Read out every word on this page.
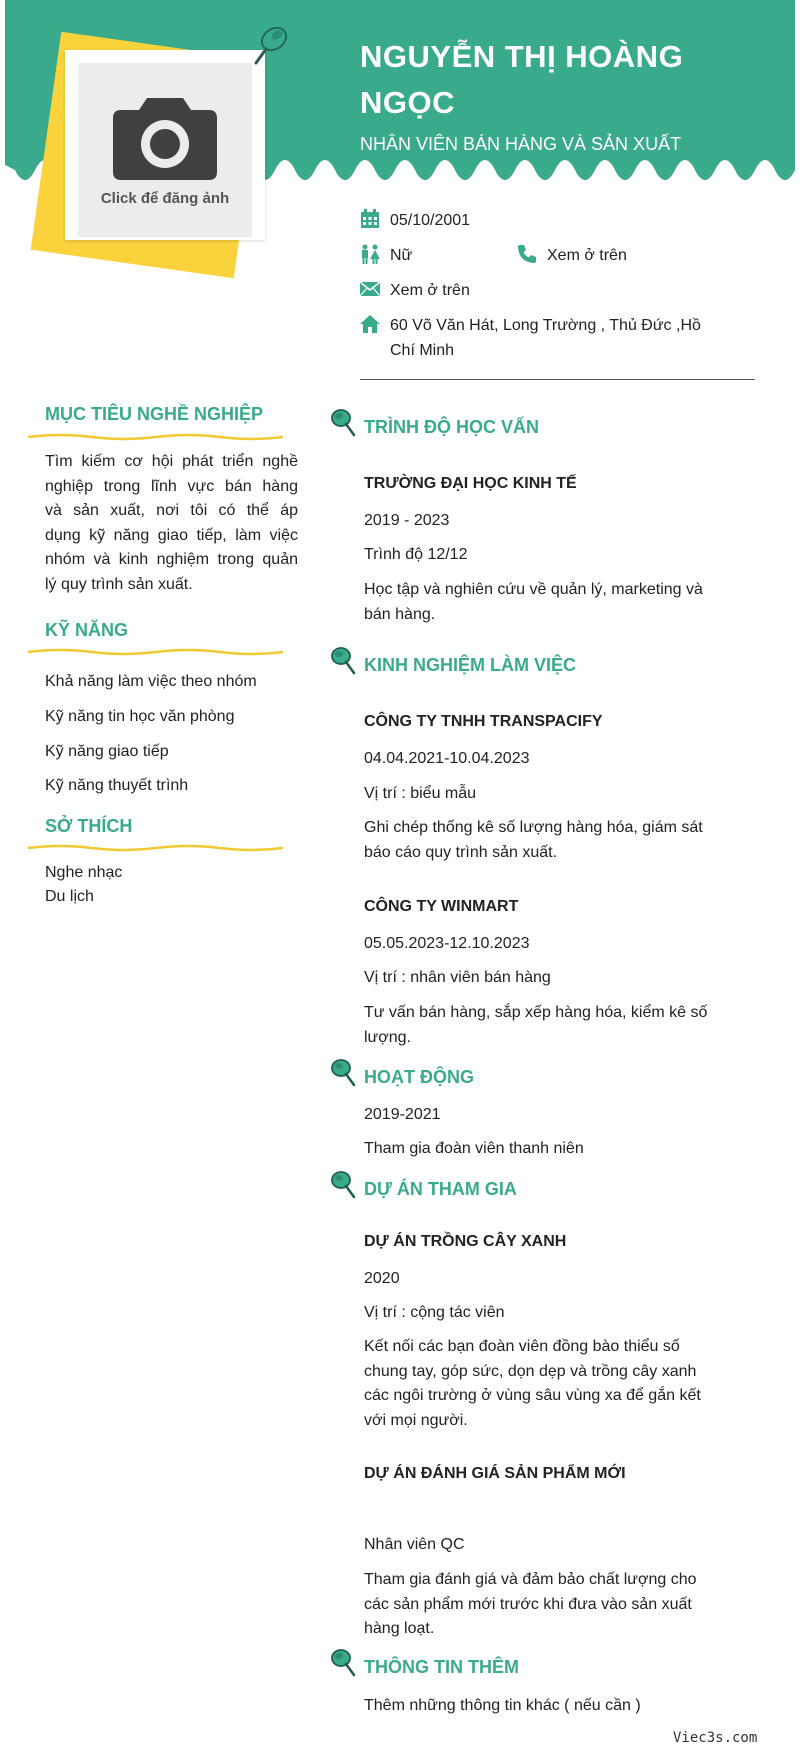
Click để đăng ảnh
NGUYỄN THỊ HOÀNG
NGỌC
NHÂN VIÊN BÁN HÀNG VÀ SẢN XUẤT
05/10/2001
Nữ	Xem ở trên
Xem ở trên
60 Võ Văn Hát, Long Trường , Thủ Đức ,Hồ
Chí Minh
MỤC TIÊU NGHỀ NGHIỆP
Tìm kiếm cơ hội phát triển nghề
nghiệp trong lĩnh vực bán hàng
và sản xuất, nơi tôi có thể áp
dụng kỹ năng giao tiếp, làm việc
nhóm và kinh nghiệm trong quản
lý quy trình sản xuất.
KỸ NĂNG
Khả năng làm việc theo nhóm
Kỹ năng tin học văn phòng
Kỹ năng giao tiếp
Kỹ năng thuyết trình
SỞ THÍCH
Nghe nhạc
Du lịch
TRÌNH ĐỘ HỌC VẤN
TRƯỜNG ĐẠI HỌC KINH TẾ
2019 - 2023
Trình độ 12/12
Học tập và nghiên cứu về quản lý, marketing và
bán hàng.
KINH NGHIỆM LÀM VIỆC
CÔNG TY TNHH TRANSPACIFY
04.04.2021-10.04.2023
Vị trí : biểu mẫu
Ghi chép thống kê số lượng hàng hóa, giám sát
báo cáo quy trình sản xuất.
CÔNG TY WINMART
05.05.2023-12.10.2023
Vị trí : nhân viên bán hàng
Tư vấn bán hàng, sắp xếp hàng hóa, kiểm kê số
lượng.
HOẠT ĐỘNG
2019-2021
Tham gia đoàn viên thanh niên
DỰ ÁN THAM GIA
DỰ ÁN TRỒNG CÂY XANH
2020
Vị trí : cộng tác viên
Kết nối các bạn đoàn viên đồng bào thiểu số
chung tay, góp sức, dọn dẹp và trồng cây xanh
các ngôi trường ở vùng sâu vùng xa để gắn kết
với mọi người.
DỰ ÁN ĐÁNH GIÁ SẢN PHẨM MỚI
Nhân viên QC
Tham gia đánh giá và đảm bảo chất lượng cho
các sản phẩm mới trước khi đưa vào sản xuất
hàng loạt.
THÔNG TIN THÊM
Thêm những thông tin khác ( nếu cần )
Viec3s.com
